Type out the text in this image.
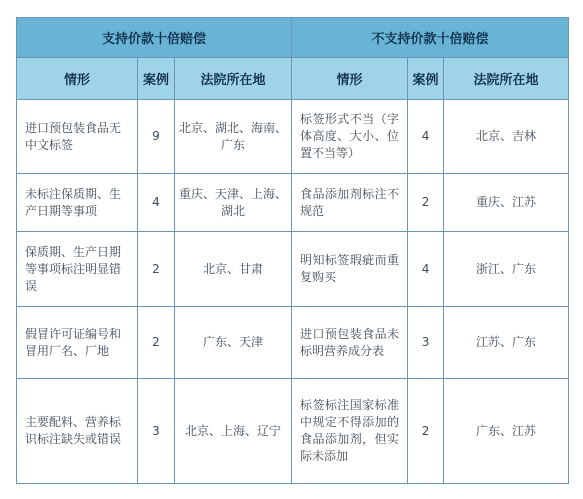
支持价款十倍赔偿			不支持价款十倍赔偿		
情形	案例	法院所在地	情形	案例	法院所在地
进口预包装食品无中文标签	9	北京、湖北、海南、广东	标签形式不当（字体高度、大小、位置不当等）	4	北京、吉林
未标注保质期、生产日期等事项	4	重庆、天津、上海、湖北	食品添加剂标注不规范	2	重庆、江苏
保质期、生产日期等事项标注明显错误	2	北京、甘肃	明知标签瑕疵而重复购买	4	浙江、广东
假冒许可证编号和冒用厂名、厂地	2	广东、天津	进口预包装食品未标明营养成分表	3	江苏、广东
主要配料、营养标识标注缺失或错误	3	北京、上海、辽宁	标签标注国家标准中规定不得添加的食品添加剂，但实际未添加	2	广东、江苏
